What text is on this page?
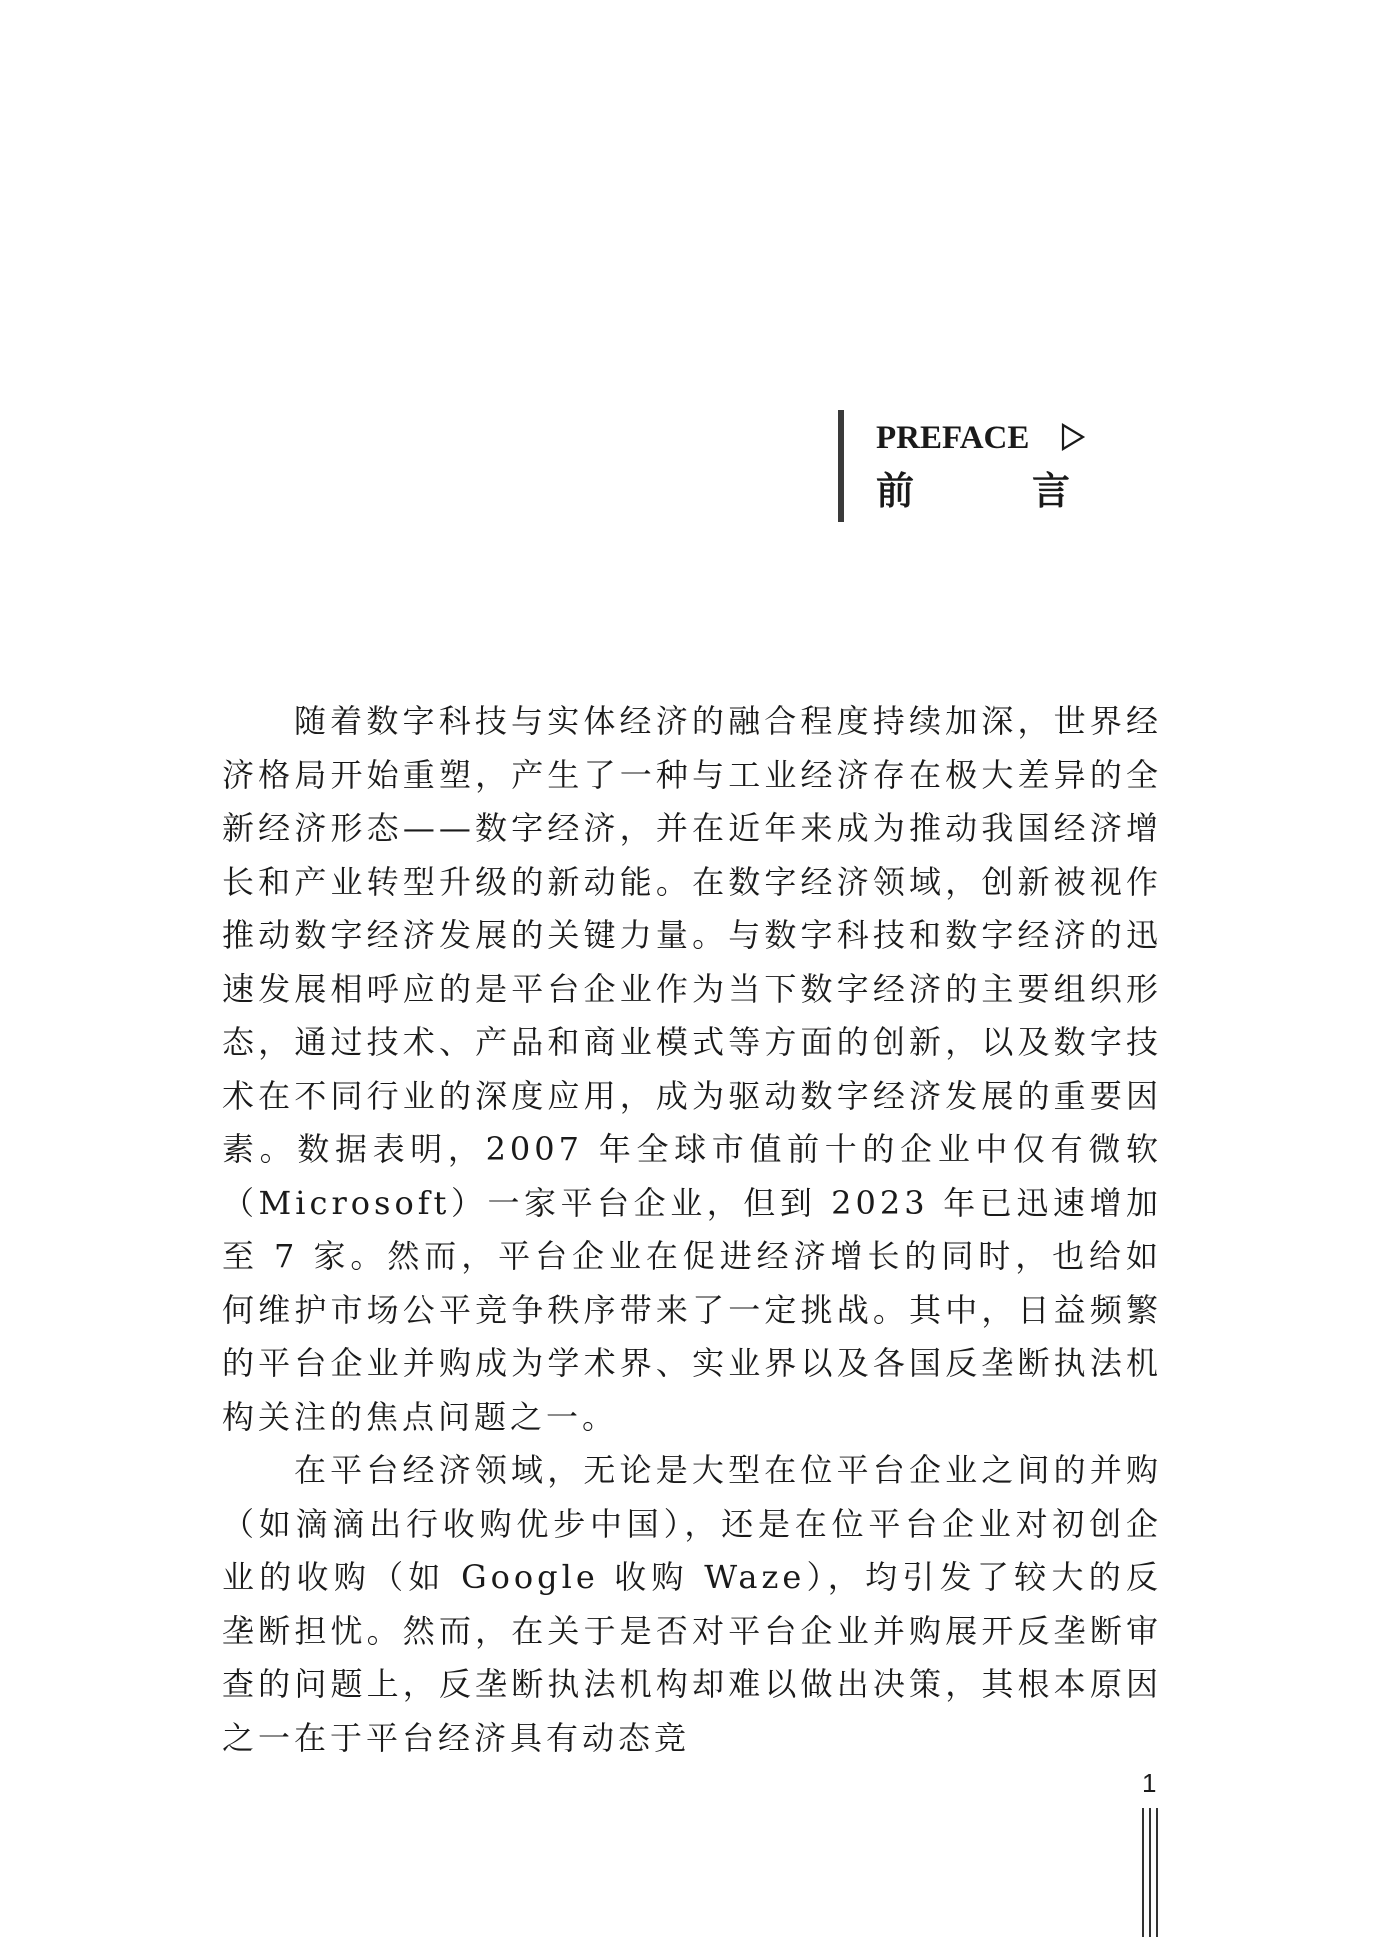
PREFACE
前言

随着数字科技与实体经济的融合程度持续加深，世界经济格局开始重塑，产生了一种与工业经济存在极大差异的全新经济形态——数字经济，并在近年来成为推动我国经济增长和产业转型升级的新动能。在数字经济领域，创新被视作推动数字经济发展的关键力量。与数字科技和数字经济的迅速发展相呼应的是平台企业作为当下数字经济的主要组织形态，通过技术、产品和商业模式等方面的创新，以及数字技术在不同行业的深度应用，成为驱动数字经济发展的重要因素。数据表明，2007 年全球市值前十的企业中仅有微软（Microsoft）一家平台企业，但到 2023 年已迅速增加至 7 家。然而，平台企业在促进经济增长的同时，也给如何维护市场公平竞争秩序带来了一定挑战。其中，日益频繁的平台企业并购成为学术界、实业界以及各国反垄断执法机构关注的焦点问题之一。

在平台经济领域，无论是大型在位平台企业之间的并购（如滴滴出行收购优步中国），还是在位平台企业对初创企业的收购（如 Google 收购 Waze），均引发了较大的反垄断担忧。然而，在关于是否对平台企业并购展开反垄断审查的问题上，反垄断执法机构却难以做出决策，其根本原因之一在于平台经济具有动态竞

1
